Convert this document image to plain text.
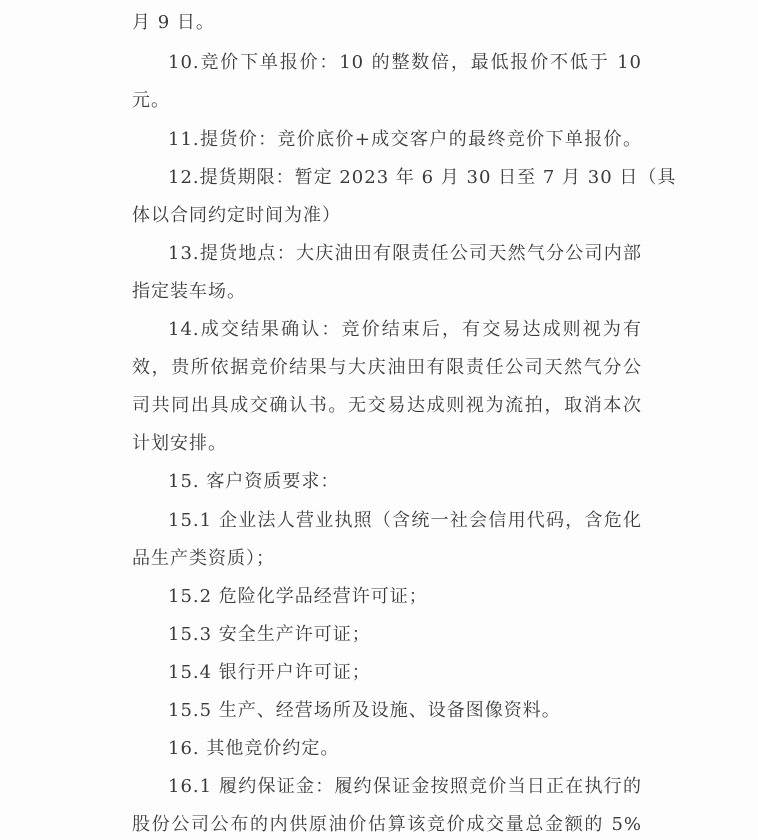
月 9 日。
10.竞价下单报价：10 的整数倍，最低报价不低于 10
元。
11.提货价：竞价底价+成交客户的最终竞价下单报价。
12.提货期限：暂定 2023 年 6 月 30 日至 7 月 30 日（具
体以合同约定时间为准）
13.提货地点：大庆油田有限责任公司天然气分公司内部
指定装车场。
14.成交结果确认：竞价结束后，有交易达成则视为有
效，贵所依据竞价结果与大庆油田有限责任公司天然气分公
司共同出具成交确认书。无交易达成则视为流拍，取消本次
计划安排。
15. 客户资质要求：
15.1 企业法人营业执照（含统一社会信用代码，含危化
品生产类资质）；
15.2 危险化学品经营许可证；
15.3 安全生产许可证；
15.4 银行开户许可证；
15.5 生产、经营场所及设施、设备图像资料。
16. 其他竞价约定。
16.1 履约保证金：履约保证金按照竞价当日正在执行的
股份公司公布的内供原油价估算该竞价成交量总金额的 5%
